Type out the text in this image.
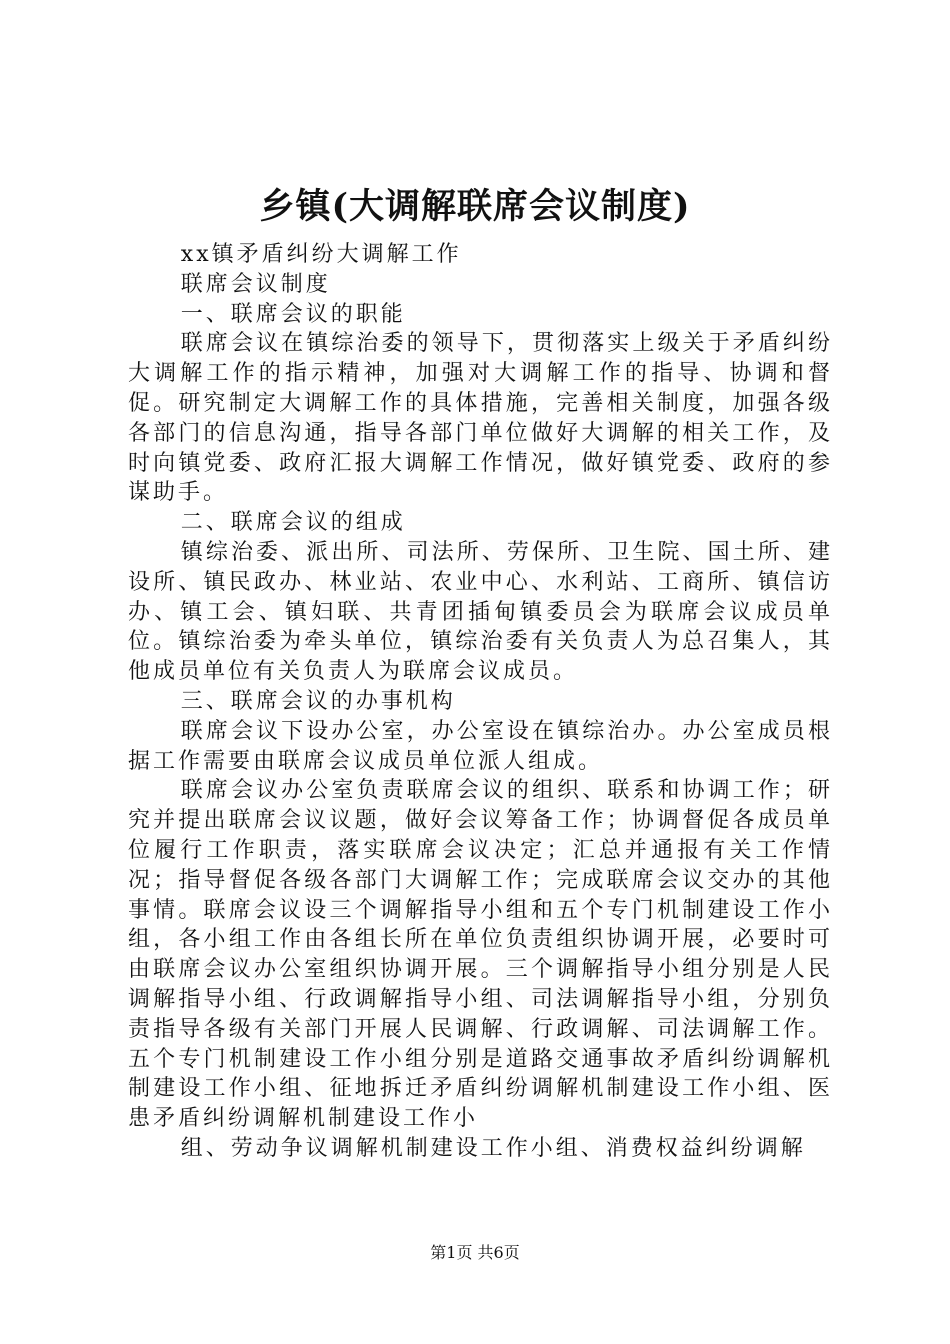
乡镇(大调解联席会议制度)

xx镇矛盾纠纷大调解工作

联席会议制度

一、联席会议的职能

联席会议在镇综治委的领导下，贯彻落实上级关于矛盾纠纷大调解工作的指示精神，加强对大调解工作的指导、协调和督促。研究制定大调解工作的具体措施，完善相关制度，加强各级各部门的信息沟通，指导各部门单位做好大调解的相关工作，及时向镇党委、政府汇报大调解工作情况，做好镇党委、政府的参谋助手。

二、联席会议的组成

镇综治委、派出所、司法所、劳保所、卫生院、国土所、建设所、镇民政办、林业站、农业中心、水利站、工商所、镇信访办、镇工会、镇妇联、共青团插甸镇委员会为联席会议成员单位。镇综治委为牵头单位，镇综治委有关负责人为总召集人，其他成员单位有关负责人为联席会议成员。

三、联席会议的办事机构

联席会议下设办公室，办公室设在镇综治办。办公室成员根据工作需要由联席会议成员单位派人组成。

联席会议办公室负责联席会议的组织、联系和协调工作；研究并提出联席会议议题，做好会议筹备工作；协调督促各成员单位履行工作职责，落实联席会议决定；汇总并通报有关工作情况；指导督促各级各部门大调解工作；完成联席会议交办的其他事情。联席会议设三个调解指导小组和五个专门机制建设工作小组，各小组工作由各组长所在单位负责组织协调开展，必要时可由联席会议办公室组织协调开展。三个调解指导小组分别是人民调解指导小组、行政调解指导小组、司法调解指导小组，分别负责指导各级有关部门开展人民调解、行政调解、司法调解工作。五个专门机制建设工作小组分别是道路交通事故矛盾纠纷调解机制建设工作小组、征地拆迁矛盾纠纷调解机制建设工作小组、医患矛盾纠纷调解机制建设工作小

组、劳动争议调解机制建设工作小组、消费权益纠纷调解

第1页 共6页
